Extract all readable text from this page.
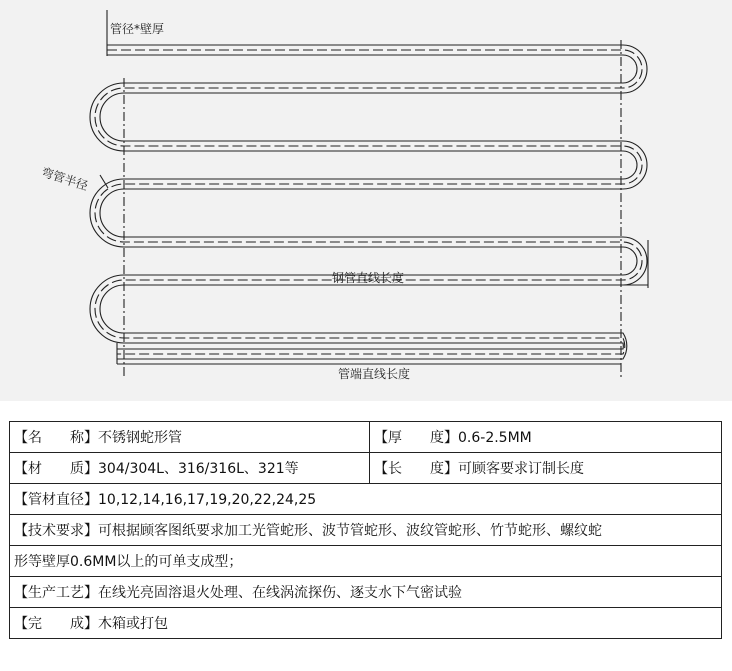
管径*壁厚
弯管半径
钢管直线长度
管端直线长度
【名　　称】不锈钢蛇形管	【厚　　度】0.6-2.5MM
【材　　质】304/304L、316/316L、321等	【长　　度】可顾客要求订制长度
【管材直径】10,12,14,16,17,19,20,22,24,25	
【技术要求】可根据顾客图纸要求加工光管蛇形、波节管蛇形、波纹管蛇形、竹节蛇形、螺纹蛇	
形等壁厚0.6MM以上的可单支成型；	
【生产工艺】在线光亮固溶退火处理、在线涡流探伤、逐支水下气密试验	
【完　　成】木箱或打包	
